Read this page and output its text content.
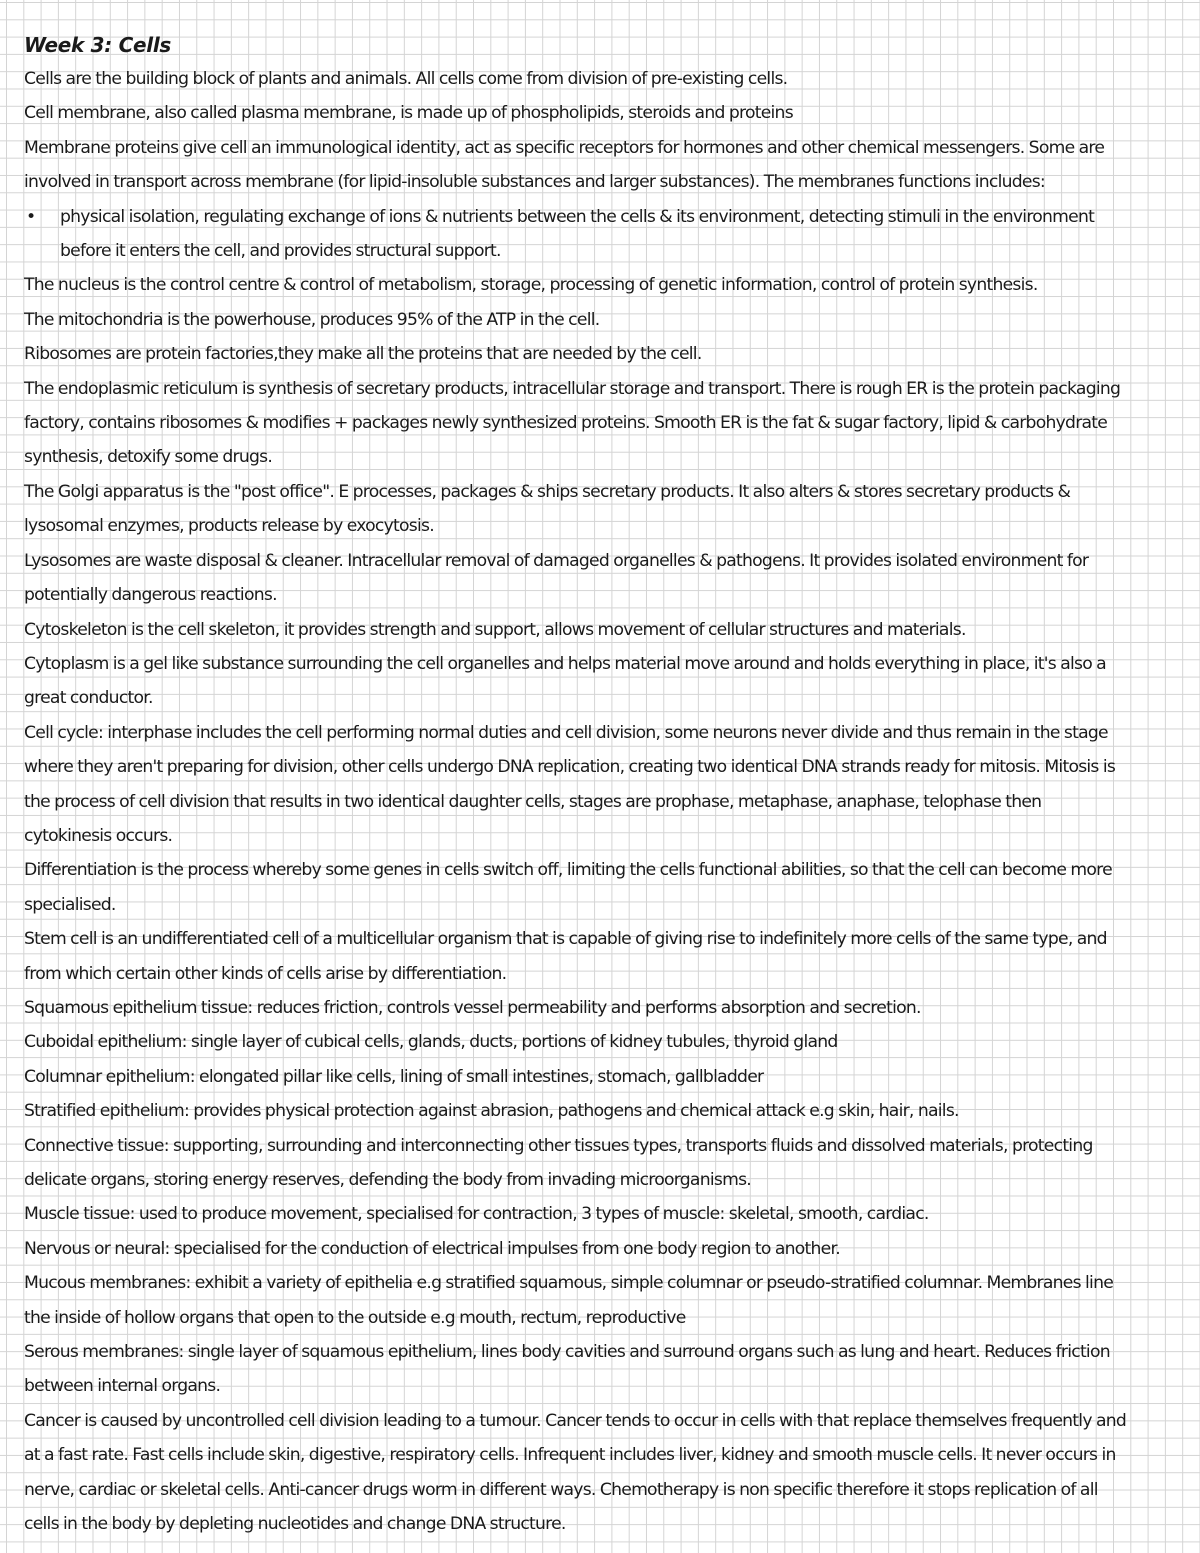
Week 3: Cells

Cells are the building block of plants and animals. All cells come from division of pre-existing cells.

Cell membrane, also called plasma membrane, is made up of phospholipids, steroids and proteins

Membrane proteins give cell an immunological identity, act as specific receptors for hormones and other chemical messengers. Some are involved in transport across membrane (for lipid-insoluble substances and larger substances). The membranes functions includes:

•	physical isolation, regulating exchange of ions & nutrients between the cells & its environment, detecting stimuli in the environment before it enters the cell, and provides structural support.

The nucleus is the control centre & control of metabolism, storage, processing of genetic information, control of protein synthesis.

The mitochondria is the powerhouse, produces 95% of the ATP in the cell.

Ribosomes are protein factories,they make all the proteins that are needed by the cell.

The endoplasmic reticulum is synthesis of secretary products, intracellular storage and transport. There is rough ER is the protein packaging factory, contains ribosomes & modifies + packages newly synthesized proteins. Smooth ER is the fat & sugar factory, lipid & carbohydrate synthesis, detoxify some drugs.

The Golgi apparatus is the "post office". E processes, packages & ships secretary products. It also alters & stores secretary products & lysosomal enzymes, products release by exocytosis.

Lysosomes are waste disposal & cleaner. Intracellular removal of damaged organelles & pathogens. It provides isolated environment for potentially dangerous reactions.

Cytoskeleton is the cell skeleton, it provides strength and support, allows movement of cellular structures and materials.

Cytoplasm is a gel like substance surrounding the cell organelles and helps material move around and holds everything in place, it's also a great conductor.

Cell cycle: interphase includes the cell performing normal duties and cell division, some neurons never divide and thus remain in the stage where they aren't preparing for division, other cells undergo DNA replication, creating two identical DNA strands ready for mitosis. Mitosis is the process of cell division that results in two identical daughter cells, stages are prophase, metaphase, anaphase, telophase then cytokinesis occurs.

Differentiation is the process whereby some genes in cells switch off, limiting the cells functional abilities, so that the cell can become more specialised.

Stem cell is an undifferentiated cell of a multicellular organism that is capable of giving rise to indefinitely more cells of the same type, and from which certain other kinds of cells arise by differentiation.

Squamous epithelium tissue: reduces friction, controls vessel permeability and performs absorption and secretion.

Cuboidal epithelium: single layer of cubical cells, glands, ducts, portions of kidney tubules, thyroid gland

Columnar epithelium: elongated pillar like cells, lining of small intestines, stomach, gallbladder

Stratified epithelium: provides physical protection against abrasion, pathogens and chemical attack e.g skin, hair, nails.

Connective tissue: supporting, surrounding and interconnecting other tissues types, transports fluids and dissolved materials, protecting delicate organs, storing energy reserves, defending the body from invading microorganisms.

Muscle tissue: used to produce movement, specialised for contraction, 3 types of muscle: skeletal, smooth, cardiac.

Nervous or neural: specialised for the conduction of electrical impulses from one body region to another.

Mucous membranes: exhibit a variety of epithelia e.g stratified squamous, simple columnar or pseudo-stratified columnar. Membranes line the inside of hollow organs that open to the outside e.g mouth, rectum, reproductive

Serous membranes: single layer of squamous epithelium, lines body cavities and surround organs such as lung and heart. Reduces friction between internal organs.

Cancer is caused by uncontrolled cell division leading to a tumour. Cancer tends to occur in cells with that replace themselves frequently and at a fast rate. Fast cells include skin, digestive, respiratory cells. Infrequent includes liver, kidney and smooth muscle cells. It never occurs in nerve, cardiac or skeletal cells. Anti-cancer drugs worm in different ways. Chemotherapy is non specific therefore it stops replication of all cells in the body by depleting nucleotides and change DNA structure.
